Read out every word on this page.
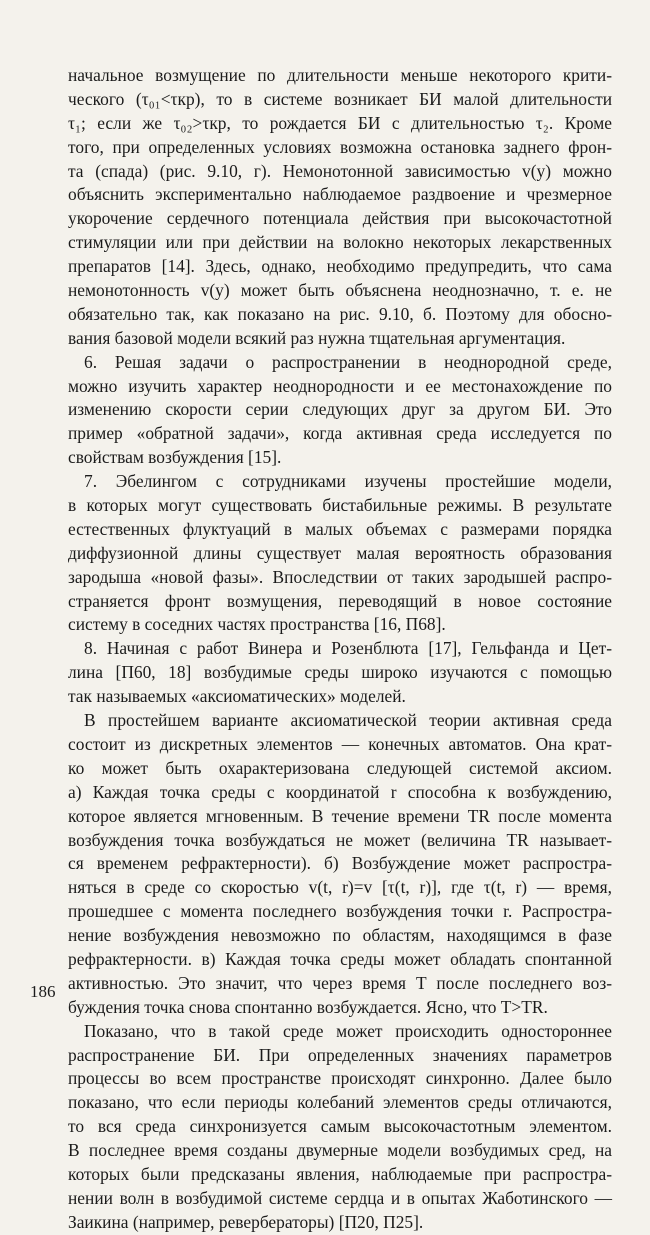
начальное возмущение по длительности меньше некоторого крити-
ческого (τ₀₁<τкр), то в системе возникает БИ малой длительности
τ₁; если же τ₀₂>τкр, то рождается БИ с длительностью τ₂. Кроме
того, при определенных условиях возможна остановка заднего фрон-
та (спада) (рис. 9.10, г). Немонотонной зависимостью v(y) можно
объяснить экспериментально наблюдаемое раздвоение и чрезмерное
укорочение сердечного потенциала действия при высокочастотной
стимуляции или при действии на волокно некоторых лекарственных
препаратов [14]. Здесь, однако, необходимо предупредить, что сама
немонотонность v(y) может быть объяснена неоднозначно, т. е. не
обязательно так, как показано на рис. 9.10, б. Поэтому для обосно-
вания базовой модели всякий раз нужна тщательная аргументация.
6. Решая задачи о распространении в неоднородной среде,
можно изучить характер неоднородности и ее местонахождение по
изменению скорости серии следующих друг за другом БИ. Это
пример «обратной задачи», когда активная среда исследуется по
свойствам возбуждения [15].
7. Эбелингом с сотрудниками изучены простейшие модели,
в которых могут существовать бистабильные режимы. В результате
естественных флуктуаций в малых объемах с размерами порядка
диффузионной длины существует малая вероятность образования
зародыша «новой фазы». Впоследствии от таких зародышей распро-
страняется фронт возмущения, переводящий в новое состояние
систему в соседних частях пространства [16, П68].
8. Начиная с работ Винера и Розенблюта [17], Гельфанда и Цет-
лина [П60, 18] возбудимые среды широко изучаются с помощью
так называемых «аксиоматических» моделей.
В простейшем варианте аксиоматической теории активная среда
состоит из дискретных элементов — конечных автоматов. Она крат-
ко может быть охарактеризована следующей системой аксиом.
а) Каждая точка среды с координатой r способна к возбуждению,
которое является мгновенным. В течение времени TR после момента
возбуждения точка возбуждаться не может (величина TR называет-
ся временем рефрактерности). б) Возбуждение может распростра-
няться в среде со скоростью v(t, r)=v [τ(t, r)], где τ(t, r) — время,
прошедшее с момента последнего возбуждения точки r. Распростра-
нение возбуждения невозможно по областям, находящимся в фазе
рефрактерности. в) Каждая точка среды может обладать спонтанной
активностью. Это значит, что через время T после последнего воз-
буждения точка снова спонтанно возбуждается. Ясно, что T>TR.
Показано, что в такой среде может происходить одностороннее
распространение БИ. При определенных значениях параметров
процессы во всем пространстве происходят синхронно. Далее было
показано, что если периоды колебаний элементов среды отличаются,
то вся среда синхронизуется самым высокочастотным элементом.
В последнее время созданы двумерные модели возбудимых сред, на
которых были предсказаны явления, наблюдаемые при распростра-
нении волн в возбудимой системе сердца и в опытах Жаботинского —
Заикина (например, ревербераторы) [П20, П25].
186
